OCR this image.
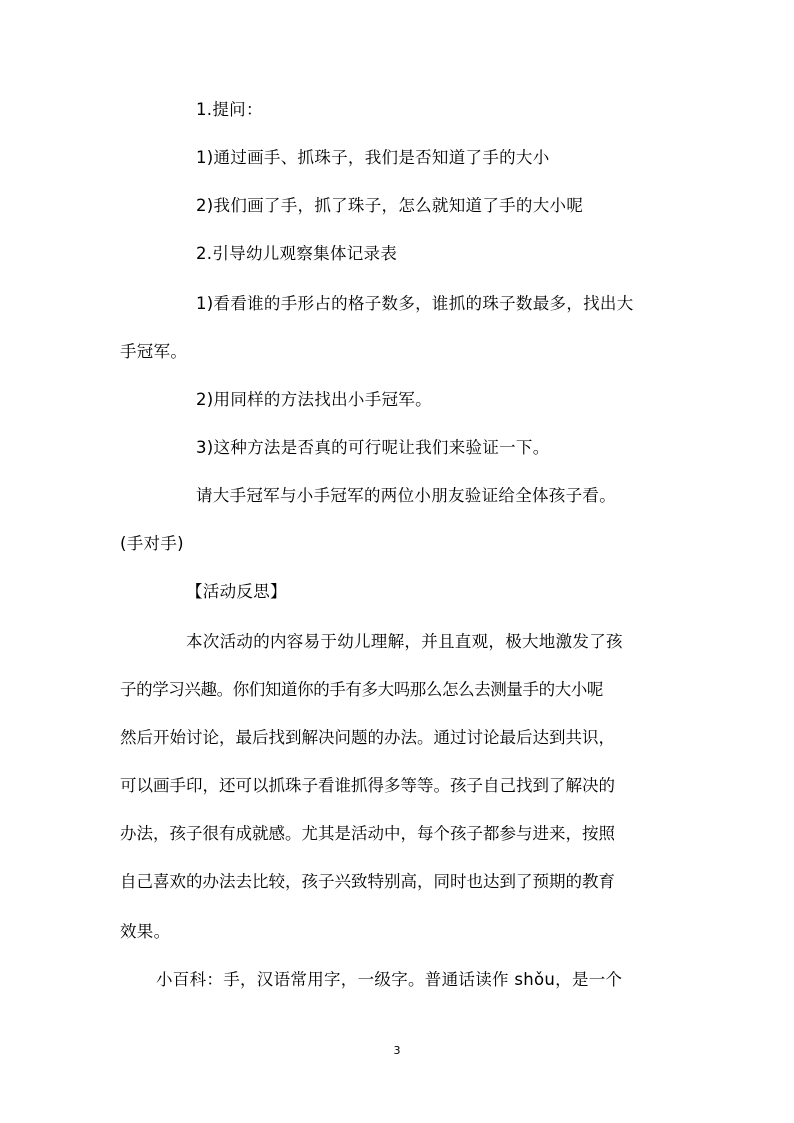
1.提问：
1)通过画手、抓珠子，我们是否知道了手的大小
2)我们画了手，抓了珠子，怎么就知道了手的大小呢
2.引导幼儿观察集体记录表
1)看看谁的手形占的格子数多，谁抓的珠子数最多，找出大
手冠军。
2)用同样的方法找出小手冠军。
3)这种方法是否真的可行呢让我们来验证一下。
请大手冠军与小手冠军的两位小朋友验证给全体孩子看。
(手对手)
【活动反思】
本次活动的内容易于幼儿理解，并且直观，极大地激发了孩
子的学习兴趣。你们知道你的手有多大吗那么怎么去测量手的大小呢
然后开始讨论，最后找到解决问题的办法。通过讨论最后达到共识，
可以画手印，还可以抓珠子看谁抓得多等等。孩子自己找到了解决的
办法，孩子很有成就感。尤其是活动中，每个孩子都参与进来，按照
自己喜欢的办法去比较，孩子兴致特别高，同时也达到了预期的教育
效果。
小百科：手，汉语常用字，一级字。普通话读作 shǒu，是一个
3
